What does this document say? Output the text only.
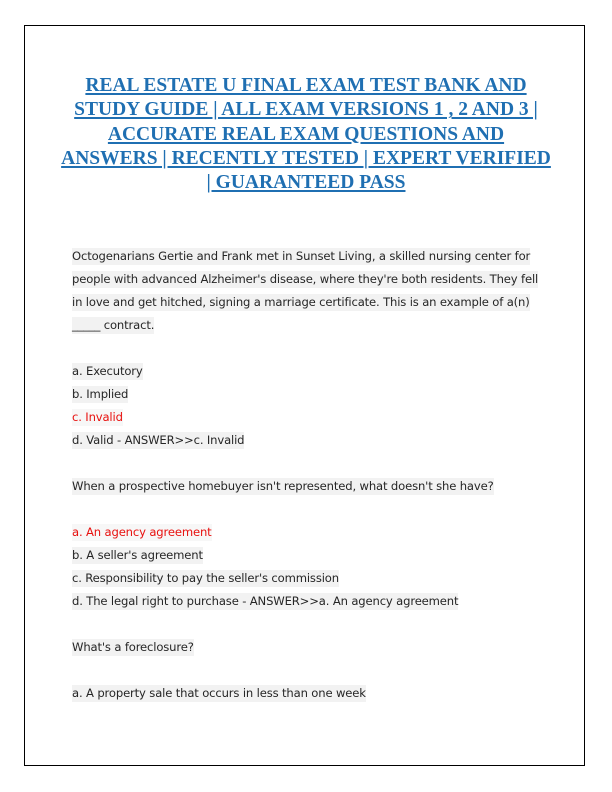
REAL ESTATE U FINAL EXAM TEST BANK AND STUDY GUIDE | ALL EXAM VERSIONS 1 , 2 AND 3 | ACCURATE REAL EXAM QUESTIONS AND ANSWERS | RECENTLY TESTED | EXPERT VERIFIED | GUARANTEED PASS
Octogenarians Gertie and Frank met in Sunset Living, a skilled nursing center for
people with advanced Alzheimer's disease, where they're both residents. They fell
in love and get hitched, signing a marriage certificate. This is an example of a(n)
_____ contract.
a. Executory
b. Implied
c. Invalid
d. Valid - ANSWER>>c. Invalid
When a prospective homebuyer isn't represented, what doesn't she have?
a. An agency agreement
b. A seller's agreement
c. Responsibility to pay the seller's commission
d. The legal right to purchase - ANSWER>>a. An agency agreement
What's a foreclosure?
a. A property sale that occurs in less than one week
